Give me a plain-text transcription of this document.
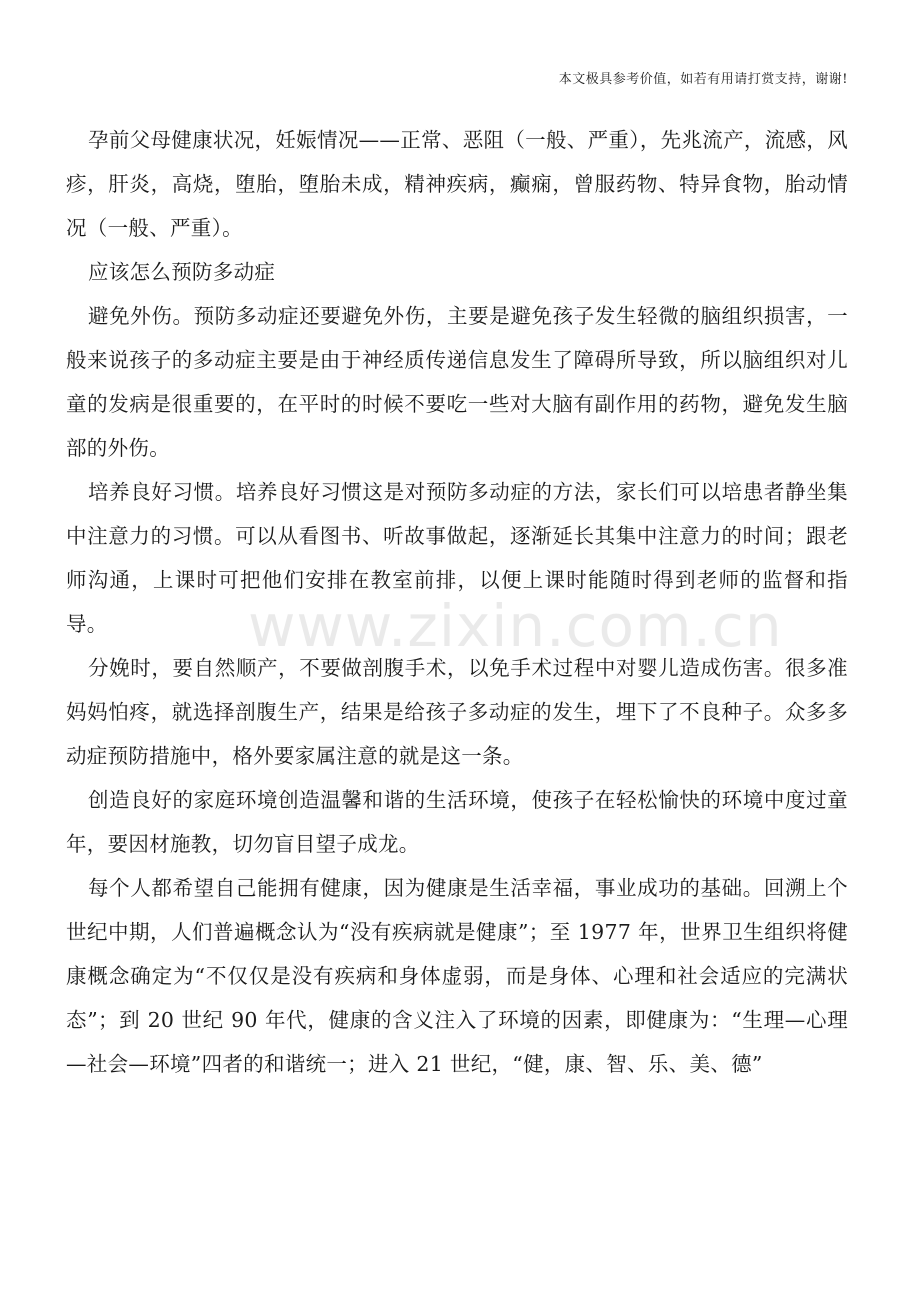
本文极具参考价值，如若有用请打赏支持，谢谢!
www.zixin.com.cn

孕前父母健康状况，妊娠情况——正常、恶阻（一般、严重），先兆流产，流感，风疹，肝炎，高烧，堕胎，堕胎未成，精神疾病，癫痫，曾服药物、特异食物，胎动情况（一般、严重）。

应该怎么预防多动症

避免外伤。预防多动症还要避免外伤，主要是避免孩子发生轻微的脑组织损害，一般来说孩子的多动症主要是由于神经质传递信息发生了障碍所导致，所以脑组织对儿童的发病是很重要的，在平时的时候不要吃一些对大脑有副作用的药物，避免发生脑部的外伤。

培养良好习惯。培养良好习惯这是对预防多动症的方法，家长们可以培患者静坐集中注意力的习惯。可以从看图书、听故事做起，逐渐延长其集中注意力的时间；跟老师沟通，上课时可把他们安排在教室前排，以便上课时能随时得到老师的监督和指导。

分娩时，要自然顺产，不要做剖腹手术，以免手术过程中对婴儿造成伤害。很多准妈妈怕疼，就选择剖腹生产，结果是给孩子多动症的发生，埋下了不良种子。众多多动症预防措施中，格外要家属注意的就是这一条。

创造良好的家庭环境创造温馨和谐的生活环境，使孩子在轻松愉快的环境中度过童年，要因材施教，切勿盲目望子成龙。

每个人都希望自己能拥有健康，因为健康是生活幸福，事业成功的基础。回溯上个世纪中期，人们普遍概念认为“没有疾病就是健康”；至 1977 年，世界卫生组织将健康概念确定为“不仅仅是没有疾病和身体虚弱，而是身体、心理和社会适应的完满状态”；到 20 世纪 90 年代，健康的含义注入了环境的因素，即健康为：“生理—心理—社会—环境”四者的和谐统一；进入 21 世纪，“健，康、智、乐、美、德”
